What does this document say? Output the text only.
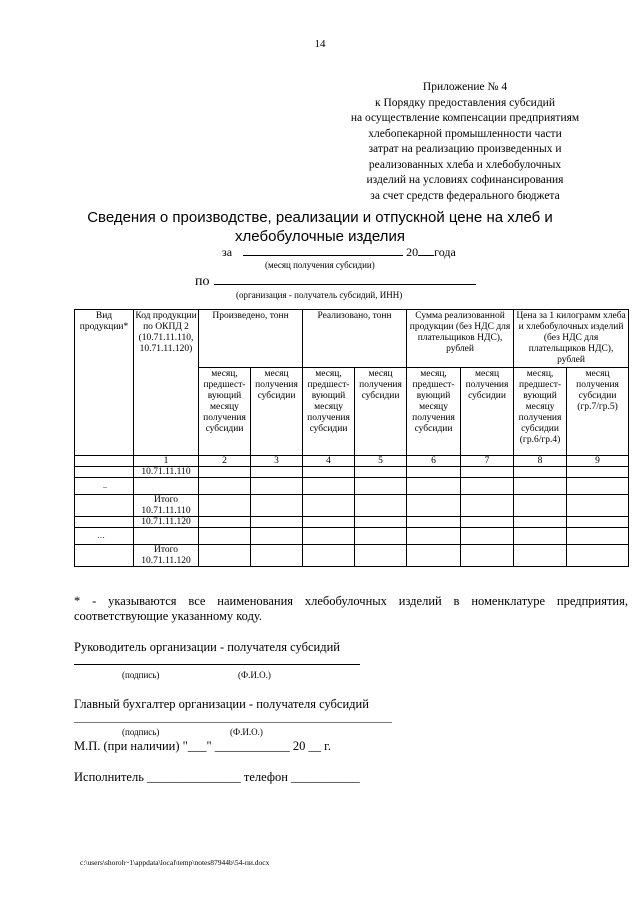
14
Приложение № 4
к Порядку предоставления субсидий
на осуществление компенсации предприятиям
хлебопекарной промышленности части
затрат на реализацию произведенных и
реализованных хлеба и хлебобулочных
изделий на условиях софинансирования
за счет средств федерального бюджета
Сведения о производстве, реализации и отпускной цене на хлеб и
хлебобулочные изделия
за	20 года
(месяц получения субсидии)
по
(организация - получатель субсидий, ИНН)
Вид продукции*	Код продукции по ОКПД 2 (10.71.11.110, 10.71.11.120)	Произведено, тонн		Реализовано, тонн		Сумма реализованной продукции (без НДС для плательщиков НДС), рублей		Цена за 1 килограмм хлеба и хлебобулочных изделий (без НДС для плательщиков НДС), рублей	
		месяц, предшест-вующий месяцу получения субсидии	месяц получения субсидии	месяц, предшест-вующий месяцу получения субсидии	месяц получения субсидии	месяц, предшест-вующий месяцу получения субсидии	месяц получения субсидии	месяц, предшест-вующий месяцу получения субсидии (гр.6/гр.4)	месяц получения субсидии (гр.7/гр.5)
	1	2	3	4	5	6	7	8	9
	10.71.11.110								
..									
	Итого 10.71.11.110								
	10.71.11.120								
…									
	Итого 10.71.11.120								
* - указываются все наименования хлебобулочных изделий в номенклатуре предприятия, соответствующие указанному коду.
Руководитель организации - получателя субсидий
(подпись)	(Ф.И.О.)
Главный бухгалтер организации - получателя субсидий
(подпись)	(Ф.И.О.)
М.П. (при наличии) "___" ____________ 20 __ г.
Исполнитель _______________ телефон ___________
c:\users\shoroh~1\appdata\local\temp\notes87944b\54-пи.docx
